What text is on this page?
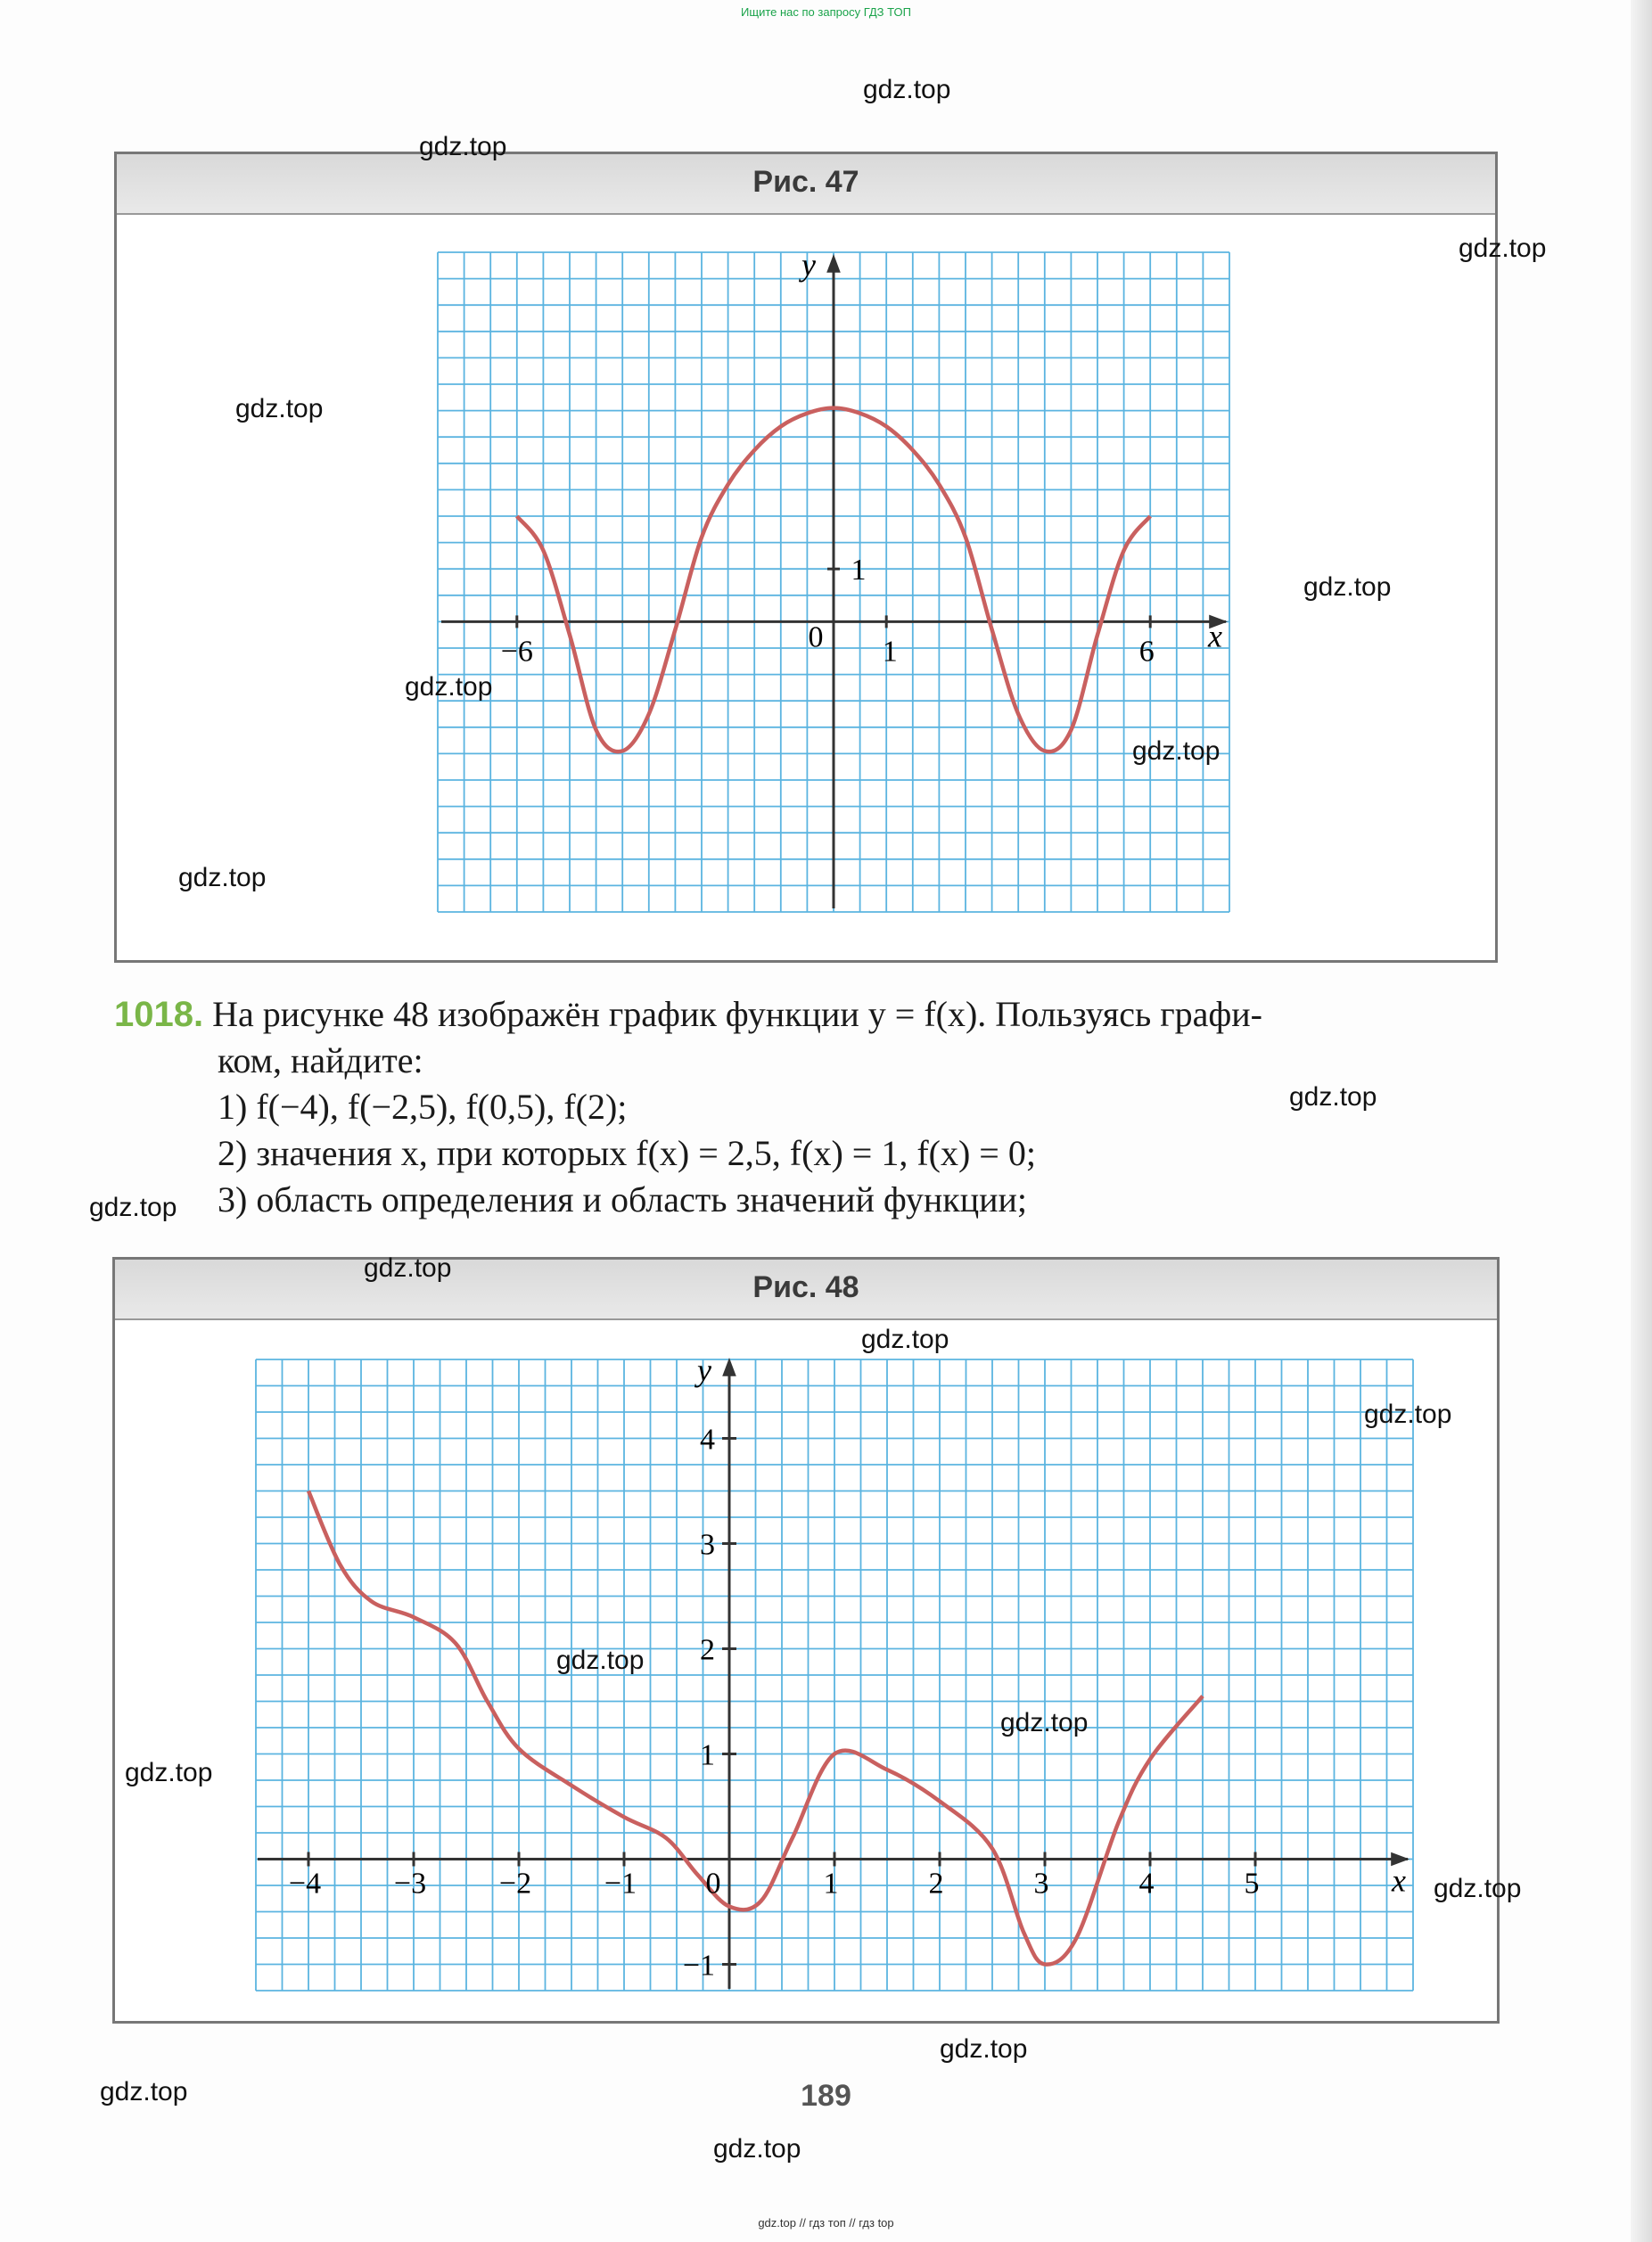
Ищите нас по запросу ГДЗ ТОП
Рис. 47
y
x
−6	0 1	6
1
1018. На рисунке 48 изображён график функции y = f(x). Пользуясь графи-
ком, найдите:
1) f(−4), f(−2,5), f(0,5), f(2);
2) значения x, при которых f(x) = 2,5, f(x) = 1, f(x) = 0;
3) область определения и область значений функции;
Рис. 48
y
x
−4 −3 −2 −1 0	1	2	3	4	5
4
3
2
1
−1
189
gdz.top
gdz.top
gdz.top
gdz.top
gdz.top
gdz.top
gdz.top
gdz.top
gdz.top
gdz.top
gdz.top
gdz.top
gdz.top
gdz.top
gdz.top
gdz.top
gdz.top
gdz.top
gdz.top
gdz.top
gdz.top // гдз топ // гдз top
